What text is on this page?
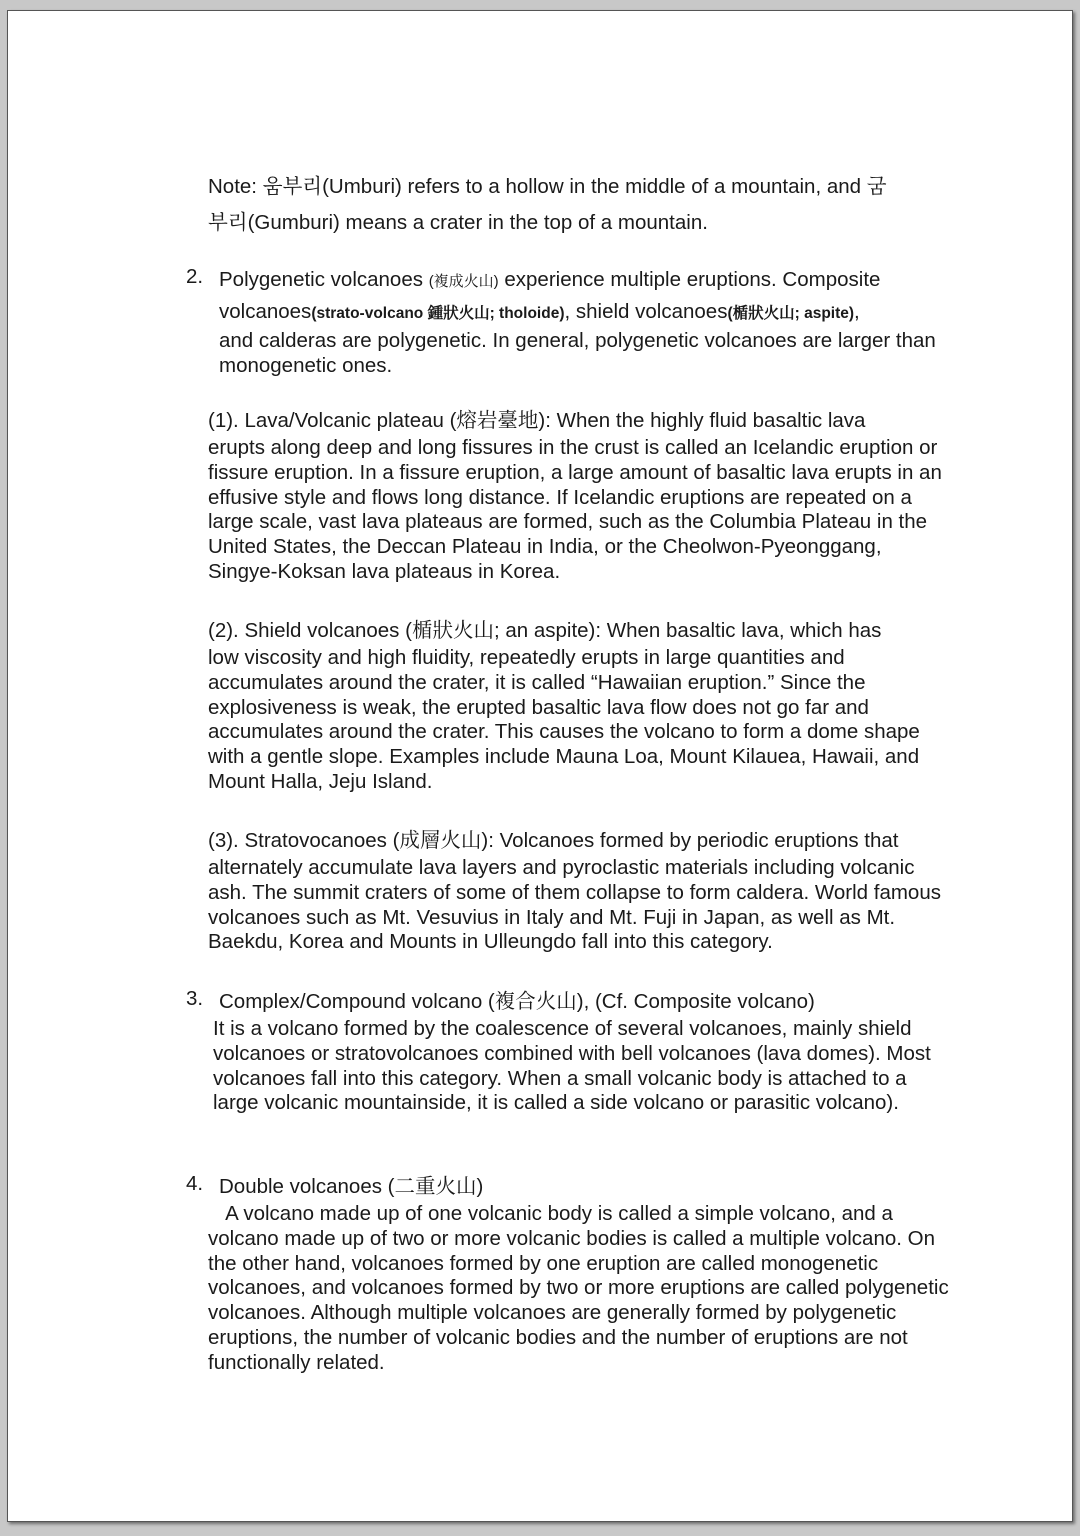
Note: 움부리(Umburi) refers to a hollow in the middle of a mountain, and 굼

부리(Gumburi) means a crater in the top of a mountain.

2. Polygenetic volcanoes (複成火山) experience multiple eruptions. Composite

volcanoes(strato-volcano 鍾狀火山; tholoide), shield volcanoes(楯狀火山; aspite),

and calderas are polygenetic. In general, polygenetic volcanoes are larger than monogenetic ones.

(1). Lava/Volcanic plateau (熔岩臺地): When the highly fluid basaltic lava

erupts along deep and long fissures in the crust is called an Icelandic eruption or fissure eruption. In a fissure eruption, a large amount of basaltic lava erupts in an effusive style and flows long distance. If Icelandic eruptions are repeated on a large scale, vast lava plateaus are formed, such as the Columbia Plateau in the United States, the Deccan Plateau in India, or the Cheolwon-Pyeonggang, Singye-Koksan lava plateaus in Korea.

(2). Shield volcanoes (楯狀火山; an aspite): When basaltic lava, which has

low viscosity and high fluidity, repeatedly erupts in large quantities and accumulates around the crater, it is called “Hawaiian eruption.” Since the explosiveness is weak, the erupted basaltic lava flow does not go far and accumulates around the crater. This causes the volcano to form a dome shape with a gentle slope. Examples include Mauna Loa, Mount Kilauea, Hawaii, and Mount Halla, Jeju Island.

(3). Stratovocanoes (成層火山): Volcanoes formed by periodic eruptions that

alternately accumulate lava layers and pyroclastic materials including volcanic ash. The summit craters of some of them collapse to form caldera. World famous volcanoes such as Mt. Vesuvius in Italy and Mt. Fuji in Japan, as well as Mt. Baekdu, Korea and Mounts in Ulleungdo fall into this category.

3. Complex/Compound volcano (複合火山), (Cf. Composite volcano)

It is a volcano formed by the coalescence of several volcanoes, mainly shield volcanoes or stratovolcanoes combined with bell volcanoes (lava domes). Most volcanoes fall into this category. When a small volcanic body is attached to a large volcanic mountainside, it is called a side volcano or parasitic volcano).

4. Double volcanoes (二重火山)

A volcano made up of one volcanic body is called a simple volcano, and a volcano made up of two or more volcanic bodies is called a multiple volcano. On the other hand, volcanoes formed by one eruption are called monogenetic volcanoes, and volcanoes formed by two or more eruptions are called polygenetic volcanoes. Although multiple volcanoes are generally formed by polygenetic eruptions, the number of volcanic bodies and the number of eruptions are not functionally related.
